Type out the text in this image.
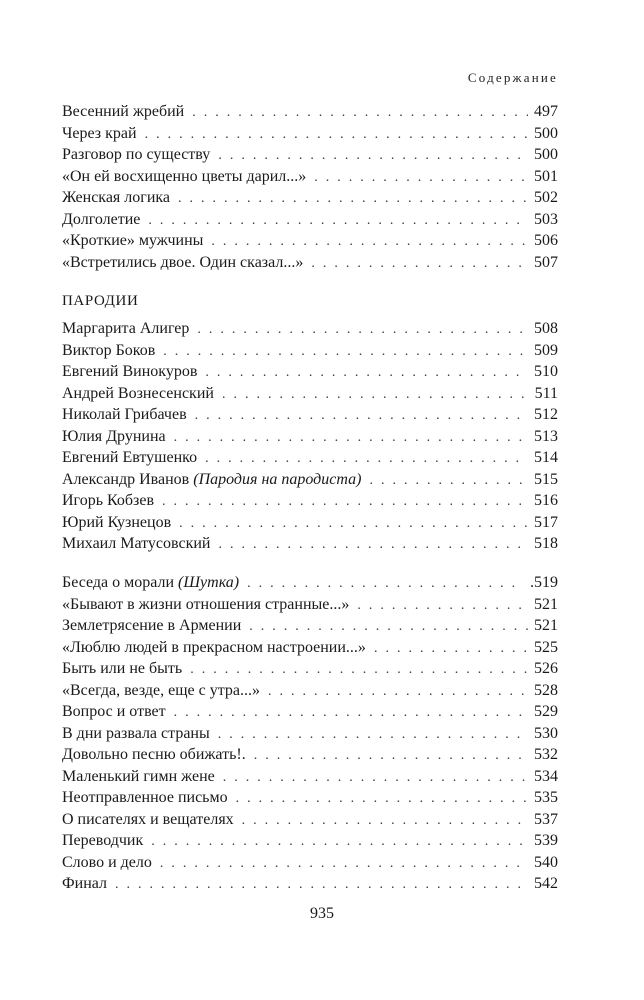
Содержание
Весенний жребий . . .	497
Через край . . .	500
Разговор по существу . . .	500
«Он ей восхищенно цветы дарил...» . . .	501
Женская логика . . .	502
Долголетие . . .	503
«Кроткие» мужчины . . .	506
«Встретились двое. Один сказал...» . . .	507
ПАРОДИИ
Маргарита Алигер . . .	508
Виктор Боков . . .	509
Евгений Винокуров . . .	510
Андрей Вознесенский . . .	511
Николай Грибачев . . .	512
Юлия Друнина . . .	513
Евгений Евтушенко . . .	514
Александр Иванов (Пародия на пародиста) . . .	515
Игорь Кобзев . . .	516
Юрий Кузнецов . . .	517
Михаил Матусовский . . .	518
Беседа о морали (Шутка) . . .	.519
«Бывают в жизни отношения странные...» . . .	521
Землетрясение в Армении . . .	521
«Люблю людей в прекрасном настроении...» . . .	525
Быть или не быть . . .	526
«Всегда, везде, еще с утра...» . . .	528
Вопрос и ответ . . .	529
В дни развала страны . . .	530
Довольно песню обижать!. . . .	532
Маленький гимн жене . . .	534
Неотправленное письмо . . .	535
О писателях и вещателях . . .	537
Переводчик . . .	539
Слово и дело . . .	540
Финал . . .	542
935
